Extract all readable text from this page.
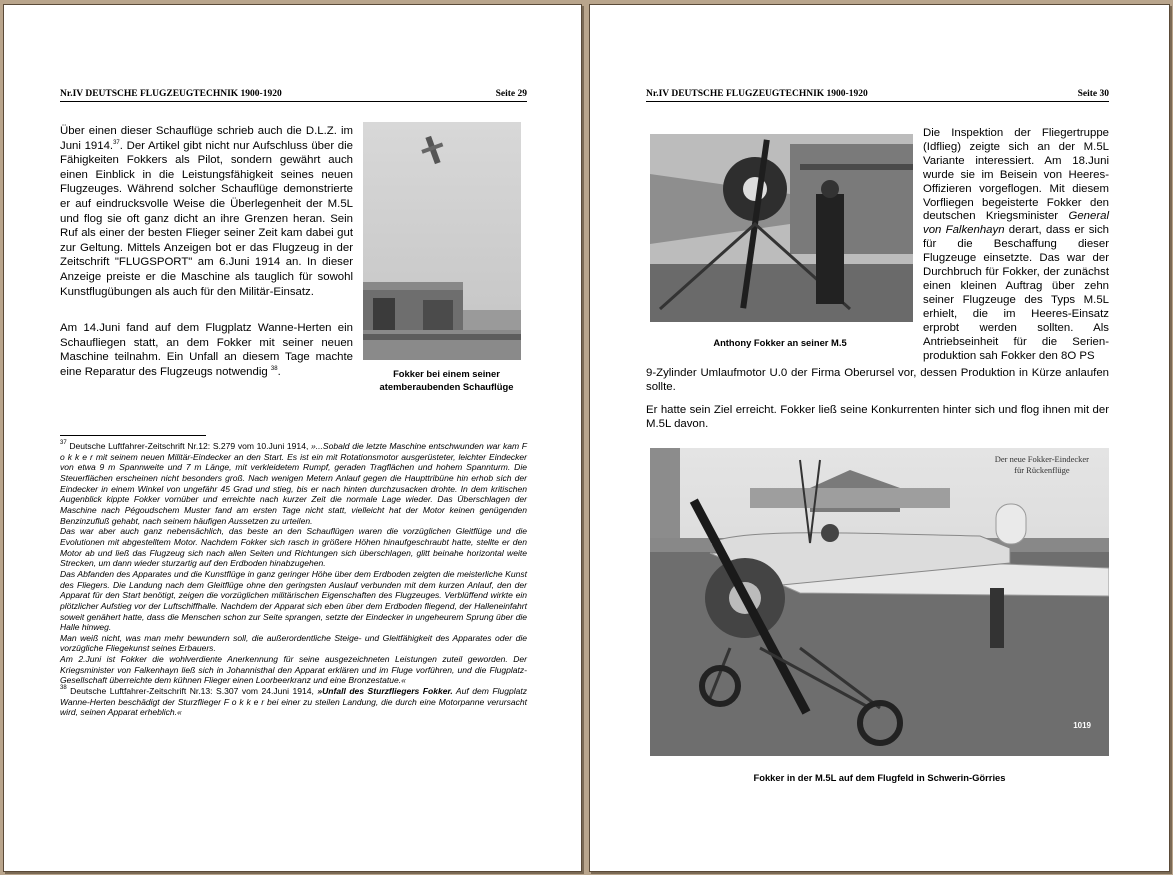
Nr.IV DEUTSCHE FLUGZEUGTECHNIK 1900-1920	Seite 29
Über einen dieser Schauflüge schrieb auch die D.L.Z. im Juni 1914.37. Der Artikel gibt nicht nur Aufschluss über die Fähigkeiten Fokkers als Pilot, sondern gewährt auch einen Einblick in die Leistungsfähigkeit seines neuen Flugzeuges. Während solcher Schauflüge demonstrierte er auf eindrucksvolle Weise die Überlegenheit der M.5L und flog sie oft ganz dicht an ihre Grenzen heran. Sein Ruf als einer der besten Flieger seiner Zeit kam dabei gut zur Geltung. Mittels Anzeigen bot er das Flugzeug in der Zeitschrift "FLUGSPORT" am 6.Juni 1914 an. In dieser Anzeige preiste er die Maschine als tauglich für sowohl Kunstflugübungen als auch für den Militär-Einsatz.
Am 14.Juni fand auf dem Flugplatz Wanne-Herten ein Schaufliegen statt, an dem Fokker mit seiner neuen Maschine teilnahm. Ein Unfall an diesem Tage machte eine Reparatur des Flugzeugs notwendig $^{38}$.	Fokker bei einem seiner
atemberaubenden Schauflüge
$^{37}$ Deutsche Luftfahrer-Zeitschrift Nr.12: S.279 vom 10.Juni 1914, »...Sobald die letzte Maschine entschwunden war kam F o k k e r mit seinem neuen Militär-Eindecker an den Start. Es ist ein mit Rotationsmotor ausgerüsteter, leichter Eindecker von etwa 9 m Spannweite und 7 m Länge, mit verkleidetem Rumpf, geraden Tragflächen und hohem Spannturm. Die Steuerflächen erscheinen nicht besonders groß. Nach wenigen Metern Anlauf gegen die Haupttribüne hin erhob sich der Eindecker in einem Winkel von ungefähr 45 Grad und stieg, bis er nach hinten durchzusacken drohte. In dem kritischen Augenblick kippte Fokker vornüber und erreichte nach kurzer Zeit die normale Lage wieder. Das Überschlagen der Maschine nach Pégoudschem Muster fand am ersten Tage nicht statt, vielleicht hat der Motor keinen genügenden Benzinzufluß gehabt, nach seinem häufigen Aussetzen zu urteilen.
Das war aber auch ganz nebensächlich, das beste an den Schauflügen waren die vorzüglichen Gleitflüge und die Evolutionen mit abgestelltem Motor. Nachdem Fokker sich rasch in größere Höhen hinaufgeschraubt hatte, stellte er den Motor ab und ließ das Flugzeug sich nach allen Seiten und Richtungen sich überschlagen, glitt beinahe horizontal weite Strecken, um dann wieder sturzartig auf den Erdboden hinabzugehen.
Das Abfanden des Apparates und die Kunstflüge in ganz geringer Höhe über dem Erdboden zeigten die meisterliche Kunst des Fliegers. Die Landung nach dem Gleitflüge ohne den geringsten Auslauf verbunden mit dem kurzen Anlauf, den der Apparat für den Start benötigt, zeigen die vorzüglichen militärischen Eigenschaften des Flugzeuges. Verblüffend wirkte ein plötzlicher Aufstieg vor der Luftschiffhalle. Nachdem der Apparat sich eben über dem Erdboden fliegend, der Halleneinfahrt soweit genähert hatte, dass die Menschen schon zur Seite sprangen, setzte der Eindecker in ungeheurem Sprung über die Halle hinweg.
Man weiß nicht, was man mehr bewundern soll, die außerordentliche Steige- und Gleitfähigkeit des Apparates oder die vorzügliche Fliegekunst seines Erbauers.
Am 2.Juni ist Fokker die wohlverdiente Anerkennung für seine ausgezeichneten Leistungen zuteil geworden. Der Kriegsminister von Falkenhayn ließ sich in Johannisthal den Apparat erklären und im Fluge vorführen, und die Flugplatz-Gesellschaft überreichte dem kühnen Flieger einen Loorbeerkranz und eine Bronzestatue.«
$^{38}$ Deutsche Luftfahrer-Zeitschrift Nr.13: S.307 vom 24.Juni 1914, »Unfall des Sturzfliegers Fokker. Auf dem Flugplatz Wanne-Herten beschädigt der Sturzflieger F o k k e r bei einer zu steilen Landung, die durch eine Motorpanne verursacht wird, seinen Apparat erheblich.«
Nr.IV DEUTSCHE FLUGZEUGTECHNIK 1900-1920	Seite 30
Anthony Fokker an seiner M.5
Die Inspektion der Fliegertruppe (Idflieg) zeigte sich an der M.5L Variante interessiert. Am 18.Juni wurde sie im Beisein von Heeres-Offizieren vorgeflogen. Mit diesem Vorfliegen begeisterte Fokker den deutschen Kriegsminister General von Falkenhayn derart, dass er sich für die Beschaffung dieser Flugzeuge einsetzte. Das war der Durchbruch für Fokker, der zunächst einen kleinen Auftrag über zehn seiner Flugzeuge des Typs M.5L erhielt, die im Heeres-Einsatz erprobt werden sollten. Als Antriebseinheit für die Serien-produktion sah Fokker den 8O PS
9-Zylinder Umlaufmotor U.0 der Firma Oberursel vor, dessen Produktion in Kürze anlaufen sollte.
Er hatte sein Ziel erreicht. Fokker ließ seine Konkurrenten hinter sich und flog ihnen mit der M.5L davon.
Der neue Fokker-Eindecker
für Rückenflüge
1019
Fokker in der M.5L auf dem Flugfeld in Schwerin-Görries
